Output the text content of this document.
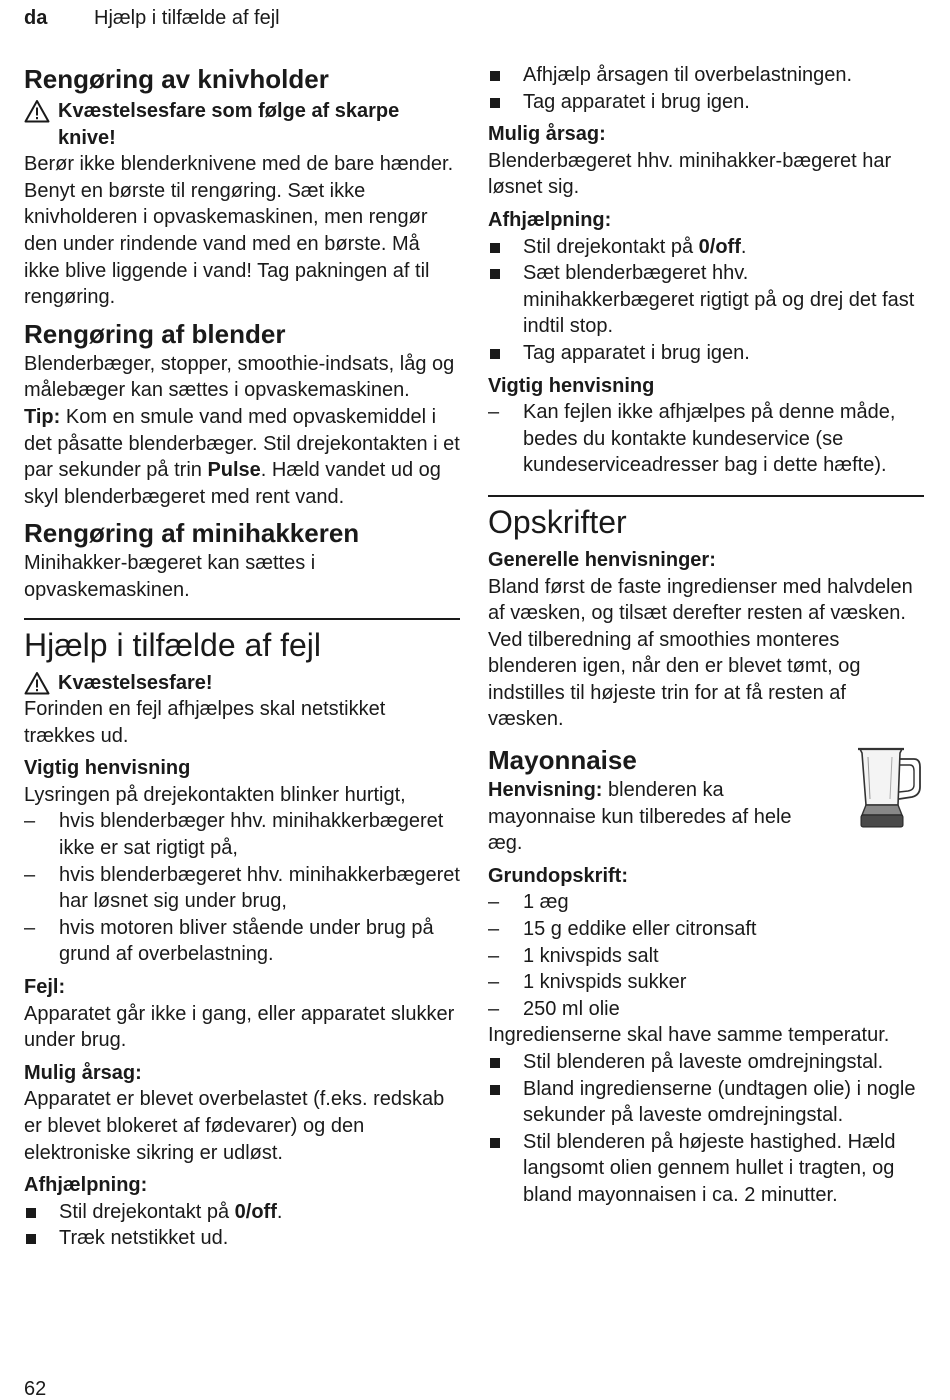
da Hjælp i tilfælde af fejl
Rengøring av knivholder
Kvæstelsesfare som følge af skarpe knive!

Berør ikke blenderknivene med de bare hænder. Benyt en børste til rengøring. Sæt ikke knivholderen i opvaskemaskinen, men rengør den under rindende vand med en børste. Må ikke blive liggende i vand! Tag pakningen af til rengøring.

Rengøring af blender

Blenderbæger, stopper, smoothie-indsats, låg og målebæger kan sættes i opvaskemaskinen.

Tip: Kom en smule vand med opvaskemiddel i det påsatte blenderbæger. Stil drejekontakten i et par sekunder på trin Pulse. Hæld vandet ud og skyl blenderbægeret med rent vand.

Rengøring af minihakkeren

Minihakker-bægeret kan sættes i opvaskemaskinen.

Hjælp i tilfælde af fejl
Kvæstelsesfare!

Forinden en fejl afhjælpes skal netstikket trækkes ud.

Vigtig henvisning

Lysringen på drejekontakten blinker hurtigt,

– hvis blenderbæger hhv. minihakkerbægeret ikke er sat rigtigt på,
– hvis blenderbægeret hhv. minihakkerbægeret har løsnet sig under brug,
– hvis motoren bliver stående under brug på grund af overbelastning.

Fejl:

Apparatet går ikke i gang, eller apparatet slukker under brug.

Mulig årsag:

Apparatet er blevet overbelastet (f.eks. redskab er blevet blokeret af fødevarer) og den elektroniske sikring er udløst.

Afhjælpning:

Stil drejekontakt på 0/off.
Træk netstikket ud.
Afhjælp årsagen til overbelastningen.
Tag apparatet i brug igen.

Mulig årsag:

Blenderbægeret hhv. minihakker-bægeret har løsnet sig.

Afhjælpning:

Stil drejekontakt på 0/off.
Sæt blenderbægeret hhv. minihakkerbægeret rigtigt på og drej det fast indtil stop.
Tag apparatet i brug igen.

Vigtig henvisning

– Kan fejlen ikke afhjælpes på denne måde, bedes du kontakte kundeservice (se kundeserviceadresser bag i dette hæfte).
Opskrifter

Generelle henvisninger:

Bland først de faste ingredienser med halvdelen af væsken, og tilsæt derefter resten af væsken. Ved tilberedning af smoothies monteres blenderen igen, når den er blevet tømt, og indstilles til højeste trin for at få resten af væsken.

Mayonnaise

Henvisning: blenderen ka mayonnaise kun tilberedes af hele æg.

Grundopskrift:

– 1 æg
– 15 g eddike eller citronsaft
– 1 knivspids salt
– 1 knivspids sukker
– 250 ml olie

Ingredienserne skal have samme temperatur.

Stil blenderen på laveste omdrejningstal.
Bland ingredienserne (undtagen olie) i nogle sekunder på laveste omdrejningstal.
Stil blenderen på højeste hastighed. Hæld langsomt olien gennem hullet i tragten, og bland mayonnaisen i ca. 2 minutter.
62
